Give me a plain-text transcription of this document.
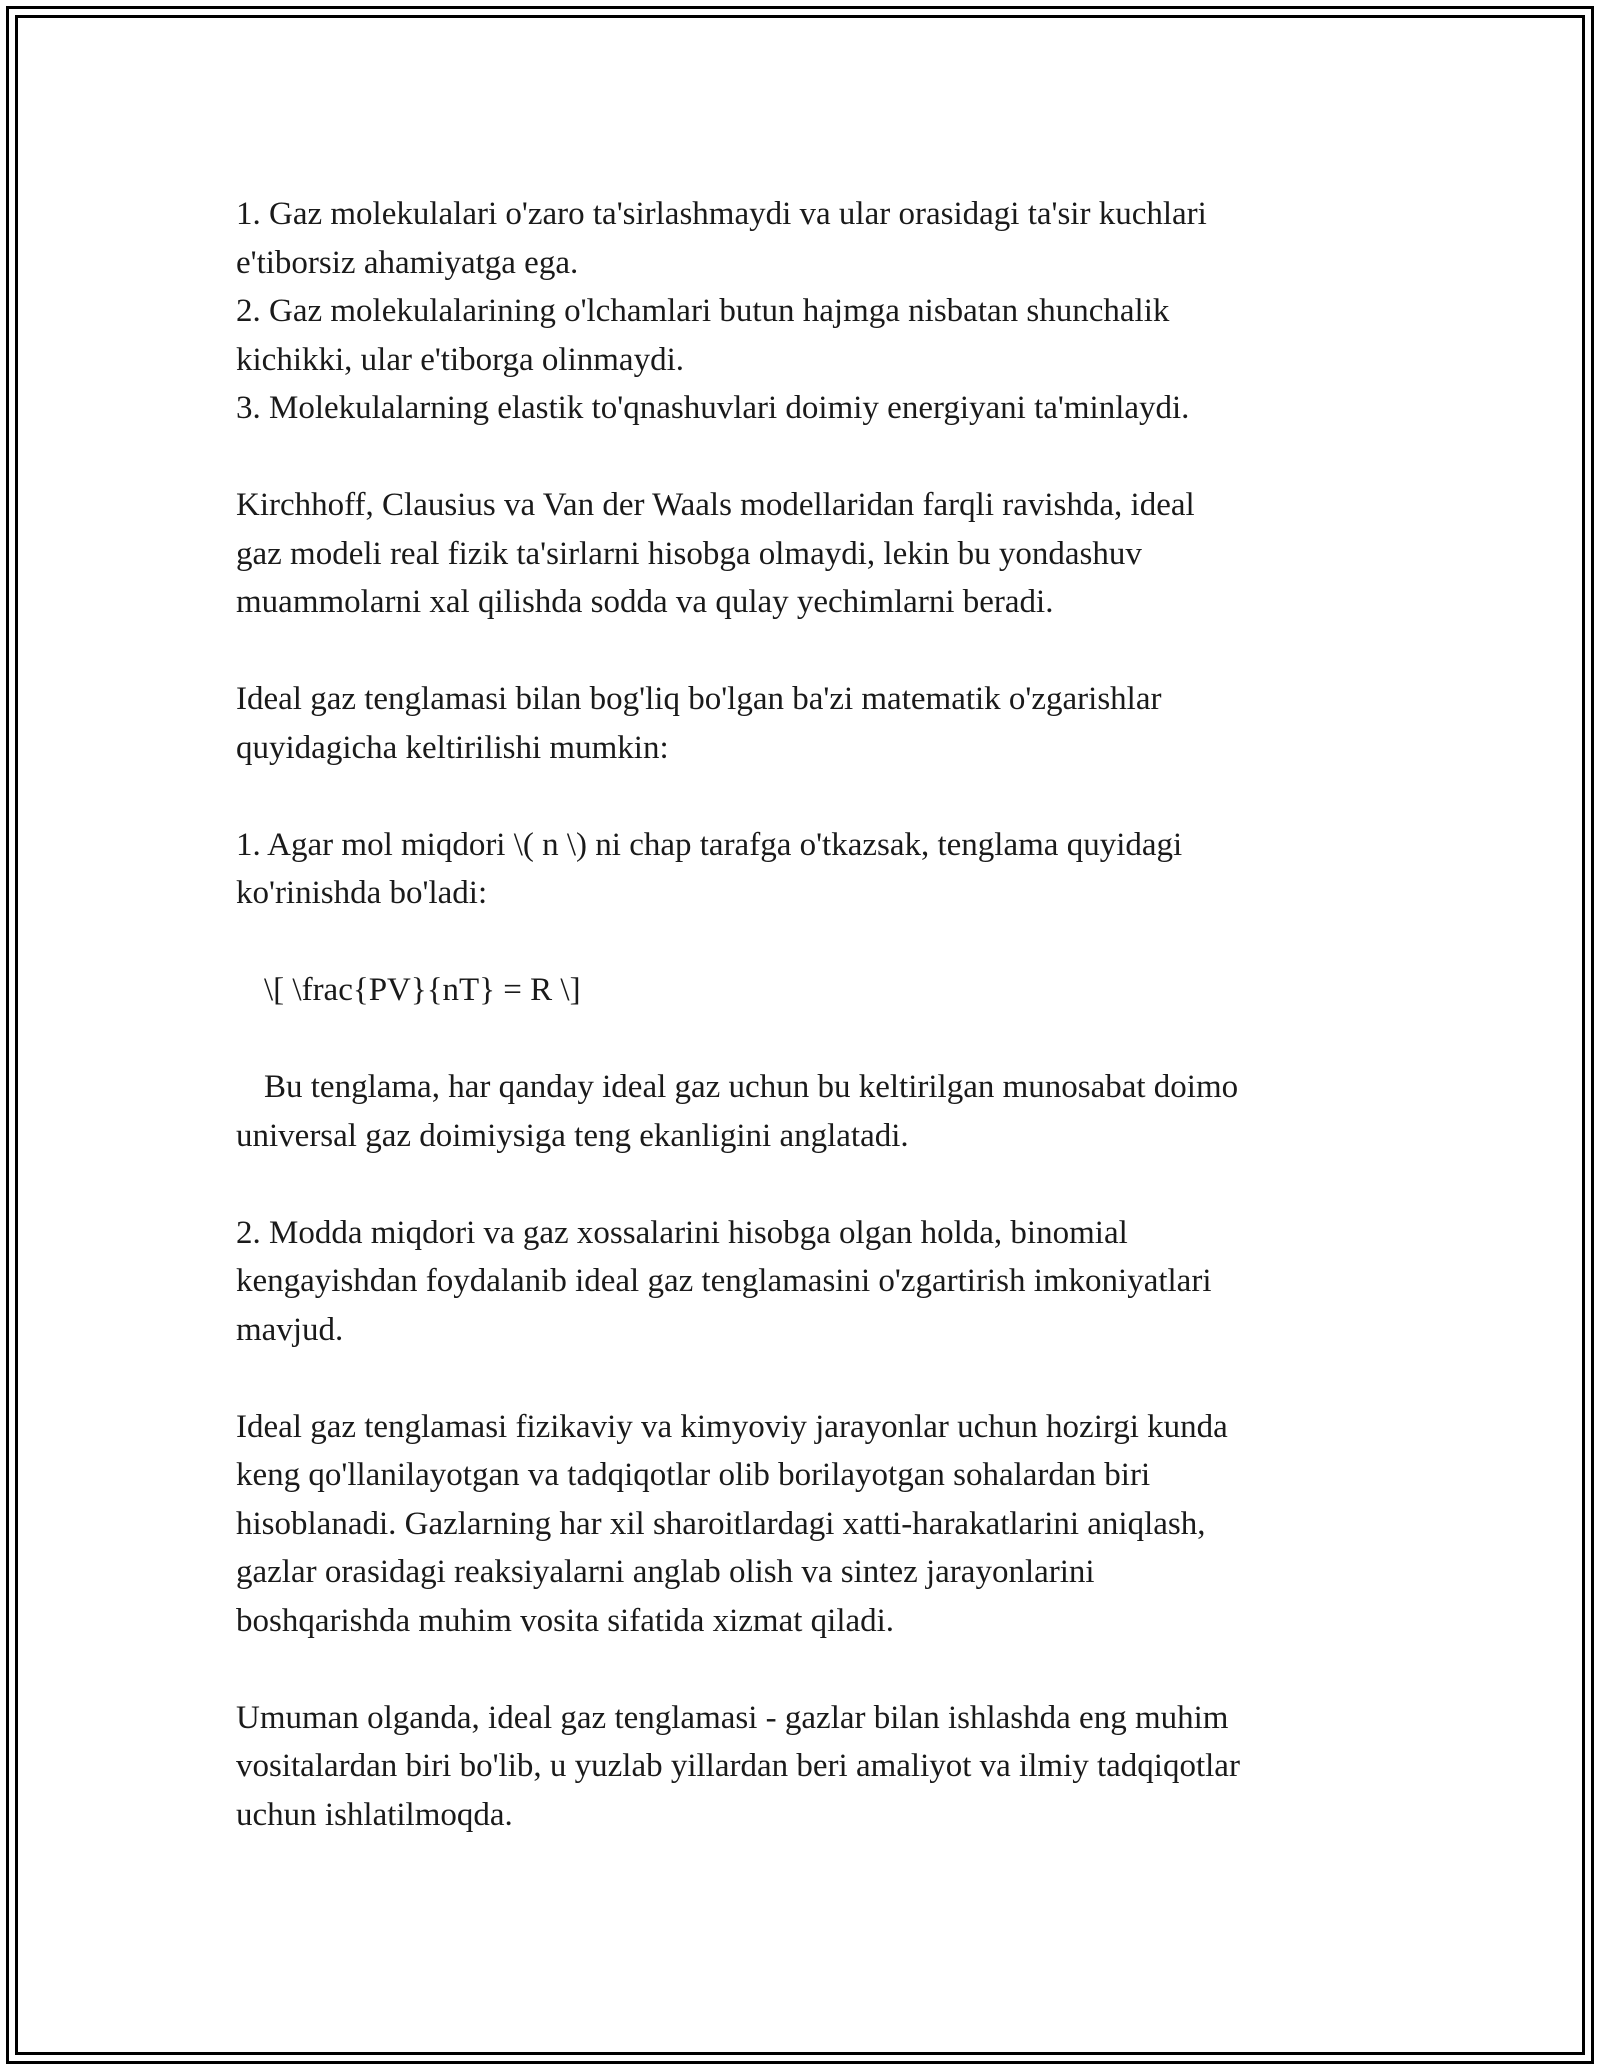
1. Gaz molekulalari o'zaro ta'sirlashmaydi va ular orasidagi ta'sir kuchlari
e'tiborsiz ahamiyatga ega.
2. Gaz molekulalarining o'lchamlari butun hajmga nisbatan shunchalik
kichikki, ular e'tiborga olinmaydi.
3. Molekulalarning elastik to'qnashuvlari doimiy energiyani ta'minlaydi.

Kirchhoff, Clausius va Van der Waals modellaridan farqli ravishda, ideal
gaz modeli real fizik ta'sirlarni hisobga olmaydi, lekin bu yondashuv
muammolarni xal qilishda sodda va qulay yechimlarni beradi.

Ideal gaz tenglamasi bilan bog'liq bo'lgan ba'zi matematik o'zgarishlar
quyidagicha keltirilishi mumkin:

1. Agar mol miqdori \( n \) ni chap tarafga o'tkazsak, tenglama quyidagi
ko'rinishda bo'ladi:

\[ \frac{PV}{nT} = R \]

Bu tenglama, har qanday ideal gaz uchun bu keltirilgan munosabat doimo
universal gaz doimiysiga teng ekanligini anglatadi.

2. Modda miqdori va gaz xossalarini hisobga olgan holda, binomial
kengayishdan foydalanib ideal gaz tenglamasini o'zgartirish imkoniyatlari
mavjud.

Ideal gaz tenglamasi fizikaviy va kimyoviy jarayonlar uchun hozirgi kunda
keng qo'llanilayotgan va tadqiqotlar olib borilayotgan sohalardan biri
hisoblanadi. Gazlarning har xil sharoitlardagi xatti-harakatlarini aniqlash,
gazlar orasidagi reaksiyalarni anglab olish va sintez jarayonlarini
boshqarishda muhim vosita sifatida xizmat qiladi.

Umuman olganda, ideal gaz tenglamasi - gazlar bilan ishlashda eng muhim
vositalardan biri bo'lib, u yuzlab yillardan beri amaliyot va ilmiy tadqiqotlar
uchun ishlatilmoqda.
